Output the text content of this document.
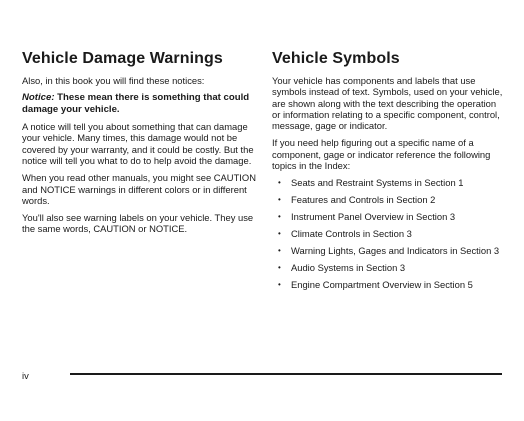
Vehicle Damage Warnings

Also, in this book you will find these notices:

Notice: These mean there is something that could damage your vehicle.

A notice will tell you about something that can damage your vehicle. Many times, this damage would not be covered by your warranty, and it could be costly. But the notice will tell you what to do to help avoid the damage.

When you read other manuals, you might see CAUTION and NOTICE warnings in different colors or in different words.

You'll also see warning labels on your vehicle. They use the same words, CAUTION or NOTICE.

Vehicle Symbols

Your vehicle has components and labels that use symbols instead of text. Symbols, used on your vehicle, are shown along with the text describing the operation or information relating to a specific component, control, message, gage or indicator.

If you need help figuring out a specific name of a component, gage or indicator reference the following topics in the Index:

• Seats and Restraint Systems in Section 1
• Features and Controls in Section 2
• Instrument Panel Overview in Section 3
• Climate Controls in Section 3
• Warning Lights, Gages and Indicators in Section 3
• Audio Systems in Section 3
• Engine Compartment Overview in Section 5
iv
